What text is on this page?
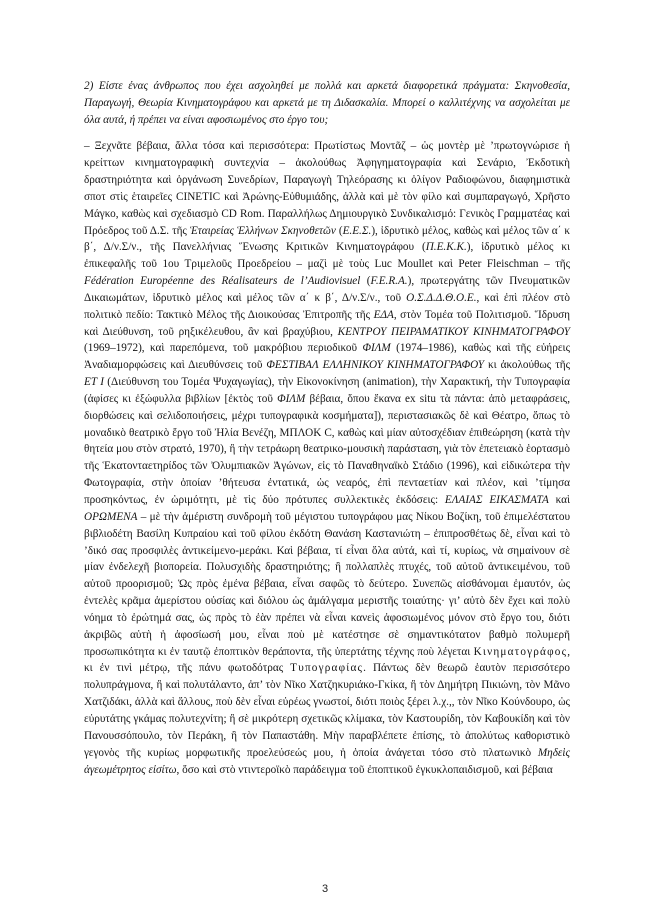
2) Είστε ένας άνθρωπος που έχει ασχοληθεί με πολλά και αρκετά διαφορετικά πράγματα: Σκηνοθεσία, Παραγωγή, Θεωρία Κινηματογράφου και αρκετά με τη Διδασκαλία. Μπορεί ο καλλιτέχνης να ασχολείται με όλα αυτά, ή πρέπει να είναι αφοσιωμένος στο έργο του;

– Ξεχνᾶτε βέβαια, ἄλλα τόσα καὶ περισσότερα: Πρωτίστως Μοντᾶζ – ὡς μοντὲρ μὲ ’πρωτογνώρισε ἡ κρείττων κινηματογραφικὴ συντεχνία – ἀκολούθως Ἀφηγηματογραφία καὶ Σενάριο, Ἐκδοτικὴ δραστηριότητα καὶ ὀργάνωση Συνεδρίων, Παραγωγὴ Τηλεόρασης κι ὀλίγον Ραδιοφώνου, διαφημιστικὰ σποτ στὶς ἑταιρεῖες CINETIC καὶ Ἀρώνης-Εὐθυμιάδης, ἀλλὰ καὶ μὲ τὸν φίλο καὶ συμπαραγωγό, Χρῆστο Μάγκο, καθὼς καὶ σχεδιασμὸ CD Rom. Παραλλήλως Δημιουργικὸ Συνδικαλισμό: Γενικὸς Γραμματέας καὶ Πρόεδρος τοῦ Δ.Σ. τῆς Ἑταιρείας Ἑλλήνων Σκηνοθετῶν (Ε.Ε.Σ.), ἱδρυτικὸ μέλος, καθὼς καὶ μέλος τῶν α΄ κ β΄, Δ/ν.Σ/ν., τῆς Πανελλήνιας Ἕνωσης Κριτικῶν Κινηματογράφου (Π.Ε.Κ.Κ.), ἱδρυτικὸ μέλος κι ἐπικεφαλῆς τοῦ 1ου Τριμελοῦς Προεδρείου – μαζὶ μὲ τοὺς Luc Moullet καὶ Peter Fleischman – τῆς Fédération Européenne des Réalisateurs de l’Audiovisuel (F.E.R.A.), πρωτεργάτης τῶν Πνευματικῶν Δικαιωμάτων, ἱδρυτικὸ μέλος καὶ μέλος τῶν α΄ κ β΄, Δ/ν.Σ/ν., τοῦ Ο.Σ.Δ.Δ.Θ.Ο.Ε., καὶ ἐπὶ πλέον στὸ πολιτικὸ πεδίο: Τακτικὸ Μέλος τῆς Διοικούσας Ἐπιτροπῆς τῆς ΕΔΑ, στὸν Τομέα τοῦ Πολιτισμοῦ. Ἵδρυση καὶ Διεύθυνση, τοῦ ρηξικέλευθου, ἂν καὶ βραχύβιου, ΚΕΝΤΡΟΥ ΠΕΙΡΑΜΑΤΙΚΟΥ ΚΙΝΗΜΑΤΟΓΡΑΦΟΥ (1969–1972), καὶ παρεπόμενα, τοῦ μακρόβιου περιοδικοῦ ΦΙΛΜ (1974–1986), καθὼς καὶ τῆς εὐήρεις Ἀναδιαμορφώσεις καὶ Διευθύνσεις τοῦ ΦΕΣΤΙΒΑΛ ΕΛΛΗΝΙΚΟΥ ΚΙΝΗΜΑΤΟΓΡΑΦΟΥ κι ἀκολούθως τῆς ΕΤ Ι (Διεύθυνση του Τομέα Ψυχαγωγίας), τὴν Εἰκονοκίνηση (animation), τὴν Χαρακτική, τὴν Τυπογραφία (ἀφίσες κι ἐξώφυλλα βιβλίων [ἐκτὸς τοῦ ΦΙΛΜ βέβαια, ὅπου ἔκανα ex situ τὰ πάντα: ἀπὸ μεταφράσεις, διορθώσεις καὶ σελιδοποιήσεις, μέχρι τυπογραφικὰ κοσμήματα]), περιστασιακῶς δὲ καὶ Θέατρο, ὅπως τὸ μοναδικὸ θεατρικὸ ἔργο τοῦ Ἠλία Βενέζη, ΜΠΛΟΚ C, καθὼς καὶ μίαν αὐτοσχέδιαν ἐπιθεώρηση (κατὰ τὴν θητεία μου στὸν στρατό, 1970), ἢ τὴν τετράωρη θεατρικο-μουσικὴ παράσταση, γιὰ τὸν ἐπετειακὸ ἑορτασμὸ τῆς Ἑκατονταετηρίδος τῶν Ὀλυμπιακῶν Ἀγώνων, εἰς τὸ Παναθηναϊκὸ Στάδιο (1996), καὶ εἰδικώτερα τὴν Φωτογραφία, στὴν ὁποίαν ’θήτευσα ἐντατικά, ὡς νεαρός, ἐπὶ πενταετίαν καὶ πλέον, καὶ ’τίμησα προσηκόντως, ἐν ὡριμότητι, μὲ τὶς δύο πρότυπες συλλεκτικὲς ἐκδόσεις: ΕΛΑΙΑΣ ΕΙΚΑΣΜΑΤΑ καὶ ΟΡΩΜΕΝΑ – μὲ τὴν ἀμέριστη συνδρομὴ τοῦ μέγιστου τυπογράφου μας Νίκου Βοζίκη, τοῦ ἐπιμελέστατου βιβλιοδέτη Βασίλη Κυπραίου καὶ τοῦ φίλου ἐκδότη Θανάση Καστανιώτη – ἐπιπροσθέτως δὲ, εἶναι καὶ τὸ ’δικό σας προσφιλὲς ἀντικείμενο-μεράκι. Καὶ βέβαια, τί εἶναι ὅλα αὐτά, καὶ τί, κυρίως, νὰ σημαίνουν σὲ μίαν ἐνδελεχῆ βιοπορεία. Πολυσχιδὴς δραστηριότης; ἢ πολλαπλὲς πτυχές, τοῦ αὐτοῦ ἀντικειμένου, τοῦ αὐτοῦ προορισμοῦ; Ὡς πρὸς ἐμένα βέβαια, εἶναι σαφῶς τὸ δεύτερο. Συνεπῶς αἰσθάνομαι ἐμαυτόν, ὡς ἐντελὲς κρᾶμα ἀμερίστου οὐσίας καὶ διόλου ὡς ἀμάλγαμα μεριστῆς τοιαύτης· γι’ αὐτὸ δὲν ἔχει καὶ πολὺ νόημα τὸ ἐρώτημά σας, ὡς πρὸς τὸ ἐὰν πρέπει νὰ εἶναι κανεὶς ἀφοσιωμένος μόνον στὸ ἔργο του, διότι ἀκριβῶς αὐτὴ ἡ ἀφοσίωσή μου, εἶναι ποὺ μὲ κατέστησε σὲ σημαντικότατον βαθμὸ πολυμερῆ προσωπικότητα κι ἐν ταυτῷ ἐποπτικὸν θεράποντα, τῆς ὑπερτάτης τέχνης ποὺ λέγεται Κινηματογράφος, κι ἐν τινὶ μέτρῳ, τῆς πάνυ φωτοδότρας Τυπογραφίας. Πάντως δὲν θεωρῶ ἑαυτὸν περισσότερο πολυπράγμονα, ἢ καὶ πολυτάλαντο, ἀπ’ τὸν Νῖκο Χατζηκυριάκο-Γκίκα, ἢ τὸν Δημήτρη Πικιώνη, τὸν Μᾶνο Χατζιδάκι, ἀλλὰ καὶ ἄλλους, ποὺ δὲν εἶναι εὐρέως γνωστοί, διότι ποιὸς ξέρει λ.χ.,, τὸν Νῖκο Κούνδουρο, ὡς εὐρυτάτης γκάμας πολυτεχνίτη; ἢ σὲ μικρότερη σχετικῶς κλίμακα, τὸν Καστουρίδη, τὸν Καβουκίδη καὶ τὸν Πανουσσόπουλο, τὸν Περάκη, ἢ τὸν Παπαστάθη. Μὴν παραβλέπετε ἐπίσης, τὸ ἀπολύτως καθοριστικὸ γεγονὸς τῆς κυρίως μορφωτικῆς προελεύσεώς μου, ἡ ὁποία ἀνάγεται τόσο στὸ πλατωνικὸ Μηδεὶς ἀγεωμέτρητος εἰσίτω, ὅσο καὶ στὸ ντιντεροϊκὸ παράδειγμα τοῦ ἐποπτικοῦ ἐγκυκλοπαιδισμοῦ, καὶ βέβαια

3
